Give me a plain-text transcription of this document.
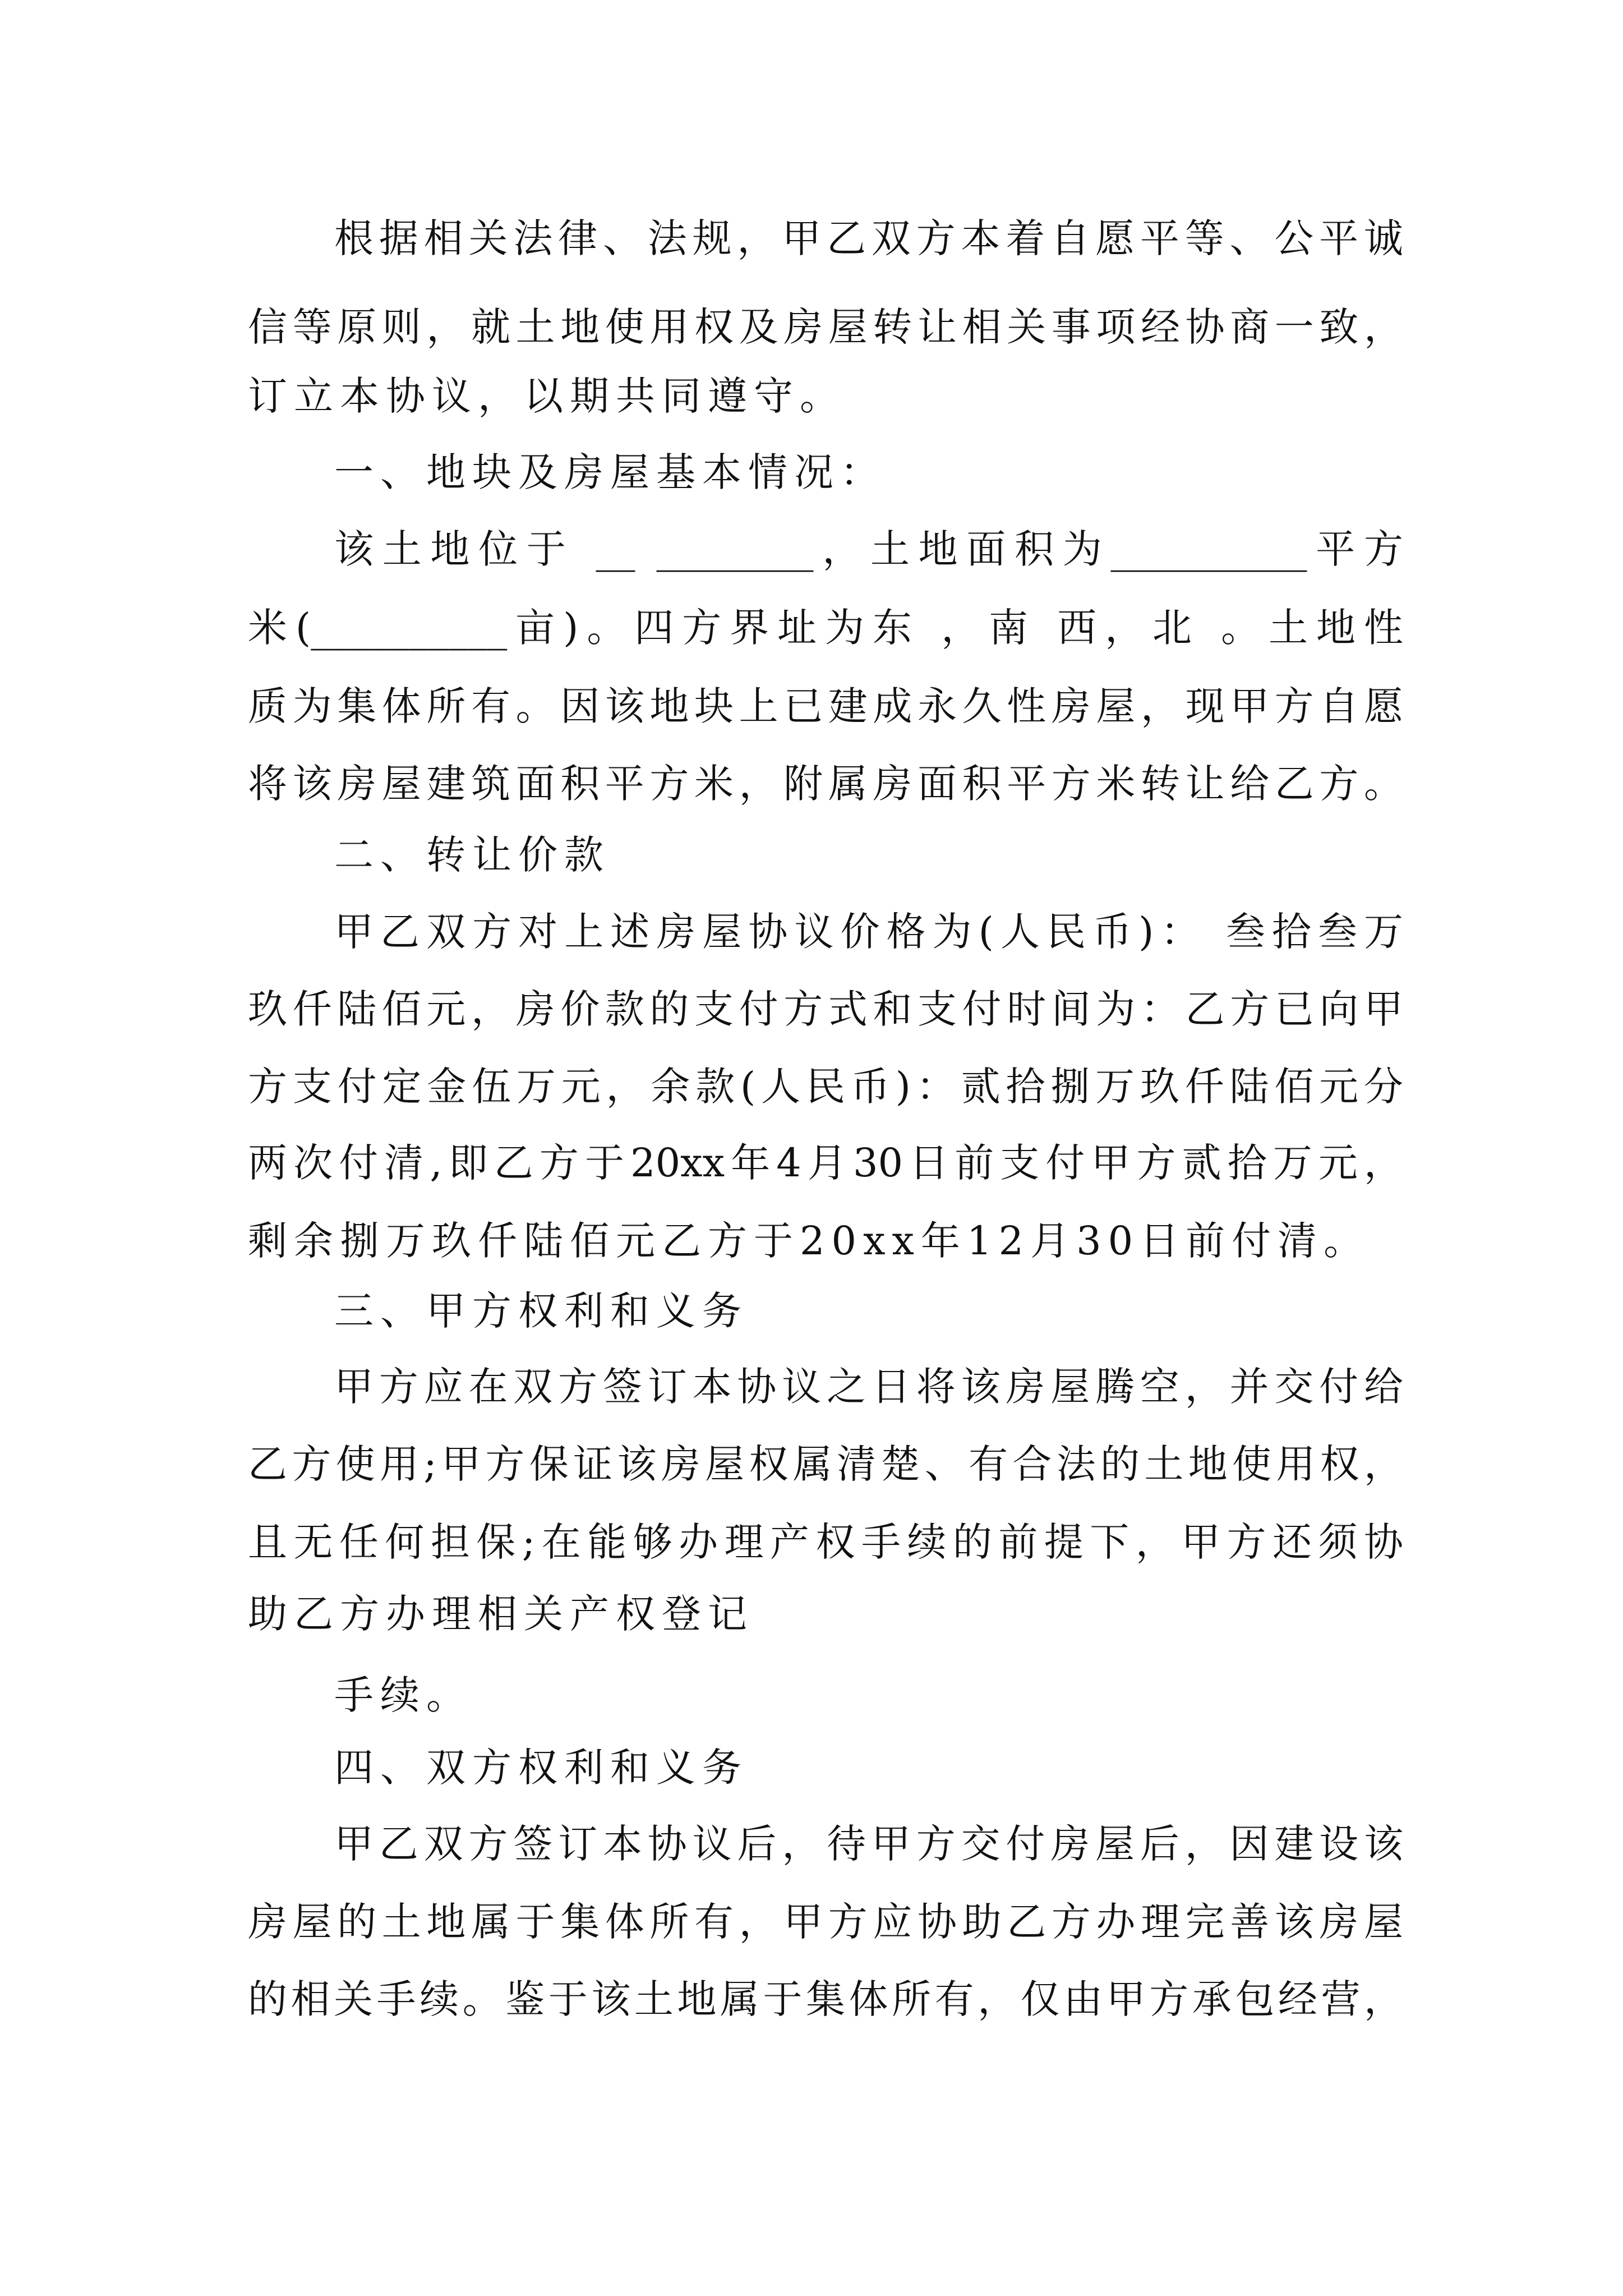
根据相关法律、法规，甲乙双方本着自愿平等、公平诚
信等原则，就土地使用权及房屋转让相关事项经协商一致，
订立本协议，以期共同遵守。
一、地块及房屋基本情况：
该土地位于 __ ________，土地面积为__________平方
米(__________亩)。四方界址为东 ，南 西，北 。土地性
质为集体所有。因该地块上已建成永久性房屋，现甲方自愿
将该房屋建筑面积平方米，附属房面积平方米转让给乙方。
二、转让价款
甲乙双方对上述房屋协议价格为(人民币)： 叁拾叁万
玖仟陆佰元，房价款的支付方式和支付时间为：乙方已向甲
方支付定金伍万元，余款(人民币)：贰拾捌万玖仟陆佰元分
两次付清,即乙方于20xx年4月30日前支付甲方贰拾万元，
剩余捌万玖仟陆佰元乙方于20xx年12月30日前付清。
三、甲方权利和义务
甲方应在双方签订本协议之日将该房屋腾空，并交付给
乙方使用;甲方保证该房屋权属清楚、有合法的土地使用权，
且无任何担保;在能够办理产权手续的前提下，甲方还须协
助乙方办理相关产权登记
手续。
四、双方权利和义务
甲乙双方签订本协议后，待甲方交付房屋后，因建设该
房屋的土地属于集体所有，甲方应协助乙方办理完善该房屋
的相关手续。鉴于该土地属于集体所有，仅由甲方承包经营，
